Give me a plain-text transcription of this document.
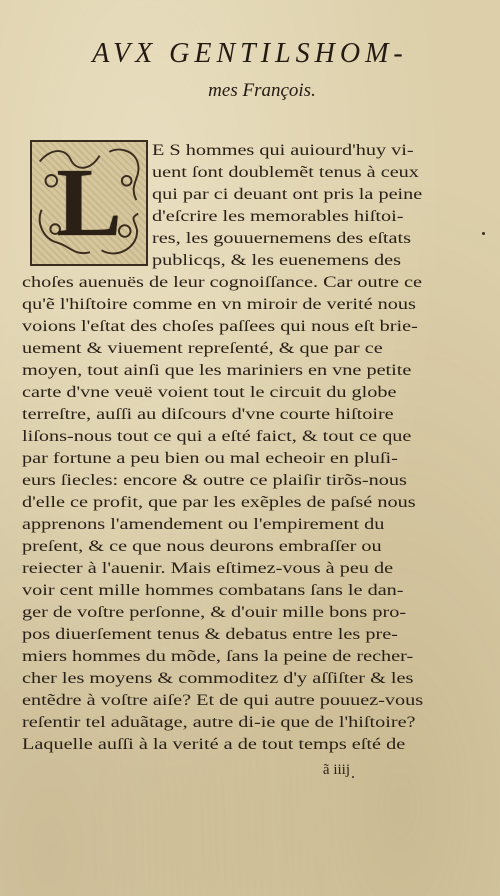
AVX GENTILSHOM-
mes François.
L	E S hommes qui auiourd'huy vi-
uent ſont doublemẽt tenus à ceux
qui par ci deuant ont pris la peine
d'eſcrire les memorables hiſtoi-
res, les gouuernemens des eſtats
publicqs, & les euenemens des
choſes auenuës de leur cognoiſſance. Car outre ce
qu'ẽ l'hiſtoire comme en vn miroir de verité nous
voions l'eſtat des choſes paſſees qui nous eſt brie-
uement & viuement repreſenté, & que par ce
moyen, tout ainſi que les mariniers en vne petite
carte d'vne veuë voient tout le circuit du globe
terreſtre, auſſi au diſcours d'vne courte hiſtoire
liſons-nous tout ce qui a eſté faict, & tout ce que
par fortune a peu bien ou mal echeoir en pluſi-
eurs ſiecles: encore & outre ce plaiſir tirõs-nous
d'elle ce profit, que par les exẽples de paſsé nous
apprenons l'amendement ou l'empirement du
preſent, & ce que nous deurons embraſſer ou
reiecter à l'auenir. Mais eſtimez-vous à peu de
voir cent mille hommes combatans ſans le dan-
ger de voſtre perſonne, & d'ouir mille bons pro-
pos diuerſement tenus & debatus entre les pre-
miers hommes du mõde, ſans la peine de recher-
cher les moyens & commoditez d'y aſſiſter & les
entẽdre à voſtre aiſe? Et de qui autre pouuez-vous
reſentir tel aduãtage, autre di-ie que de l'hiſtoire?
Laquelle auſſi à la verité a de tout temps eſté de
ã iiij
